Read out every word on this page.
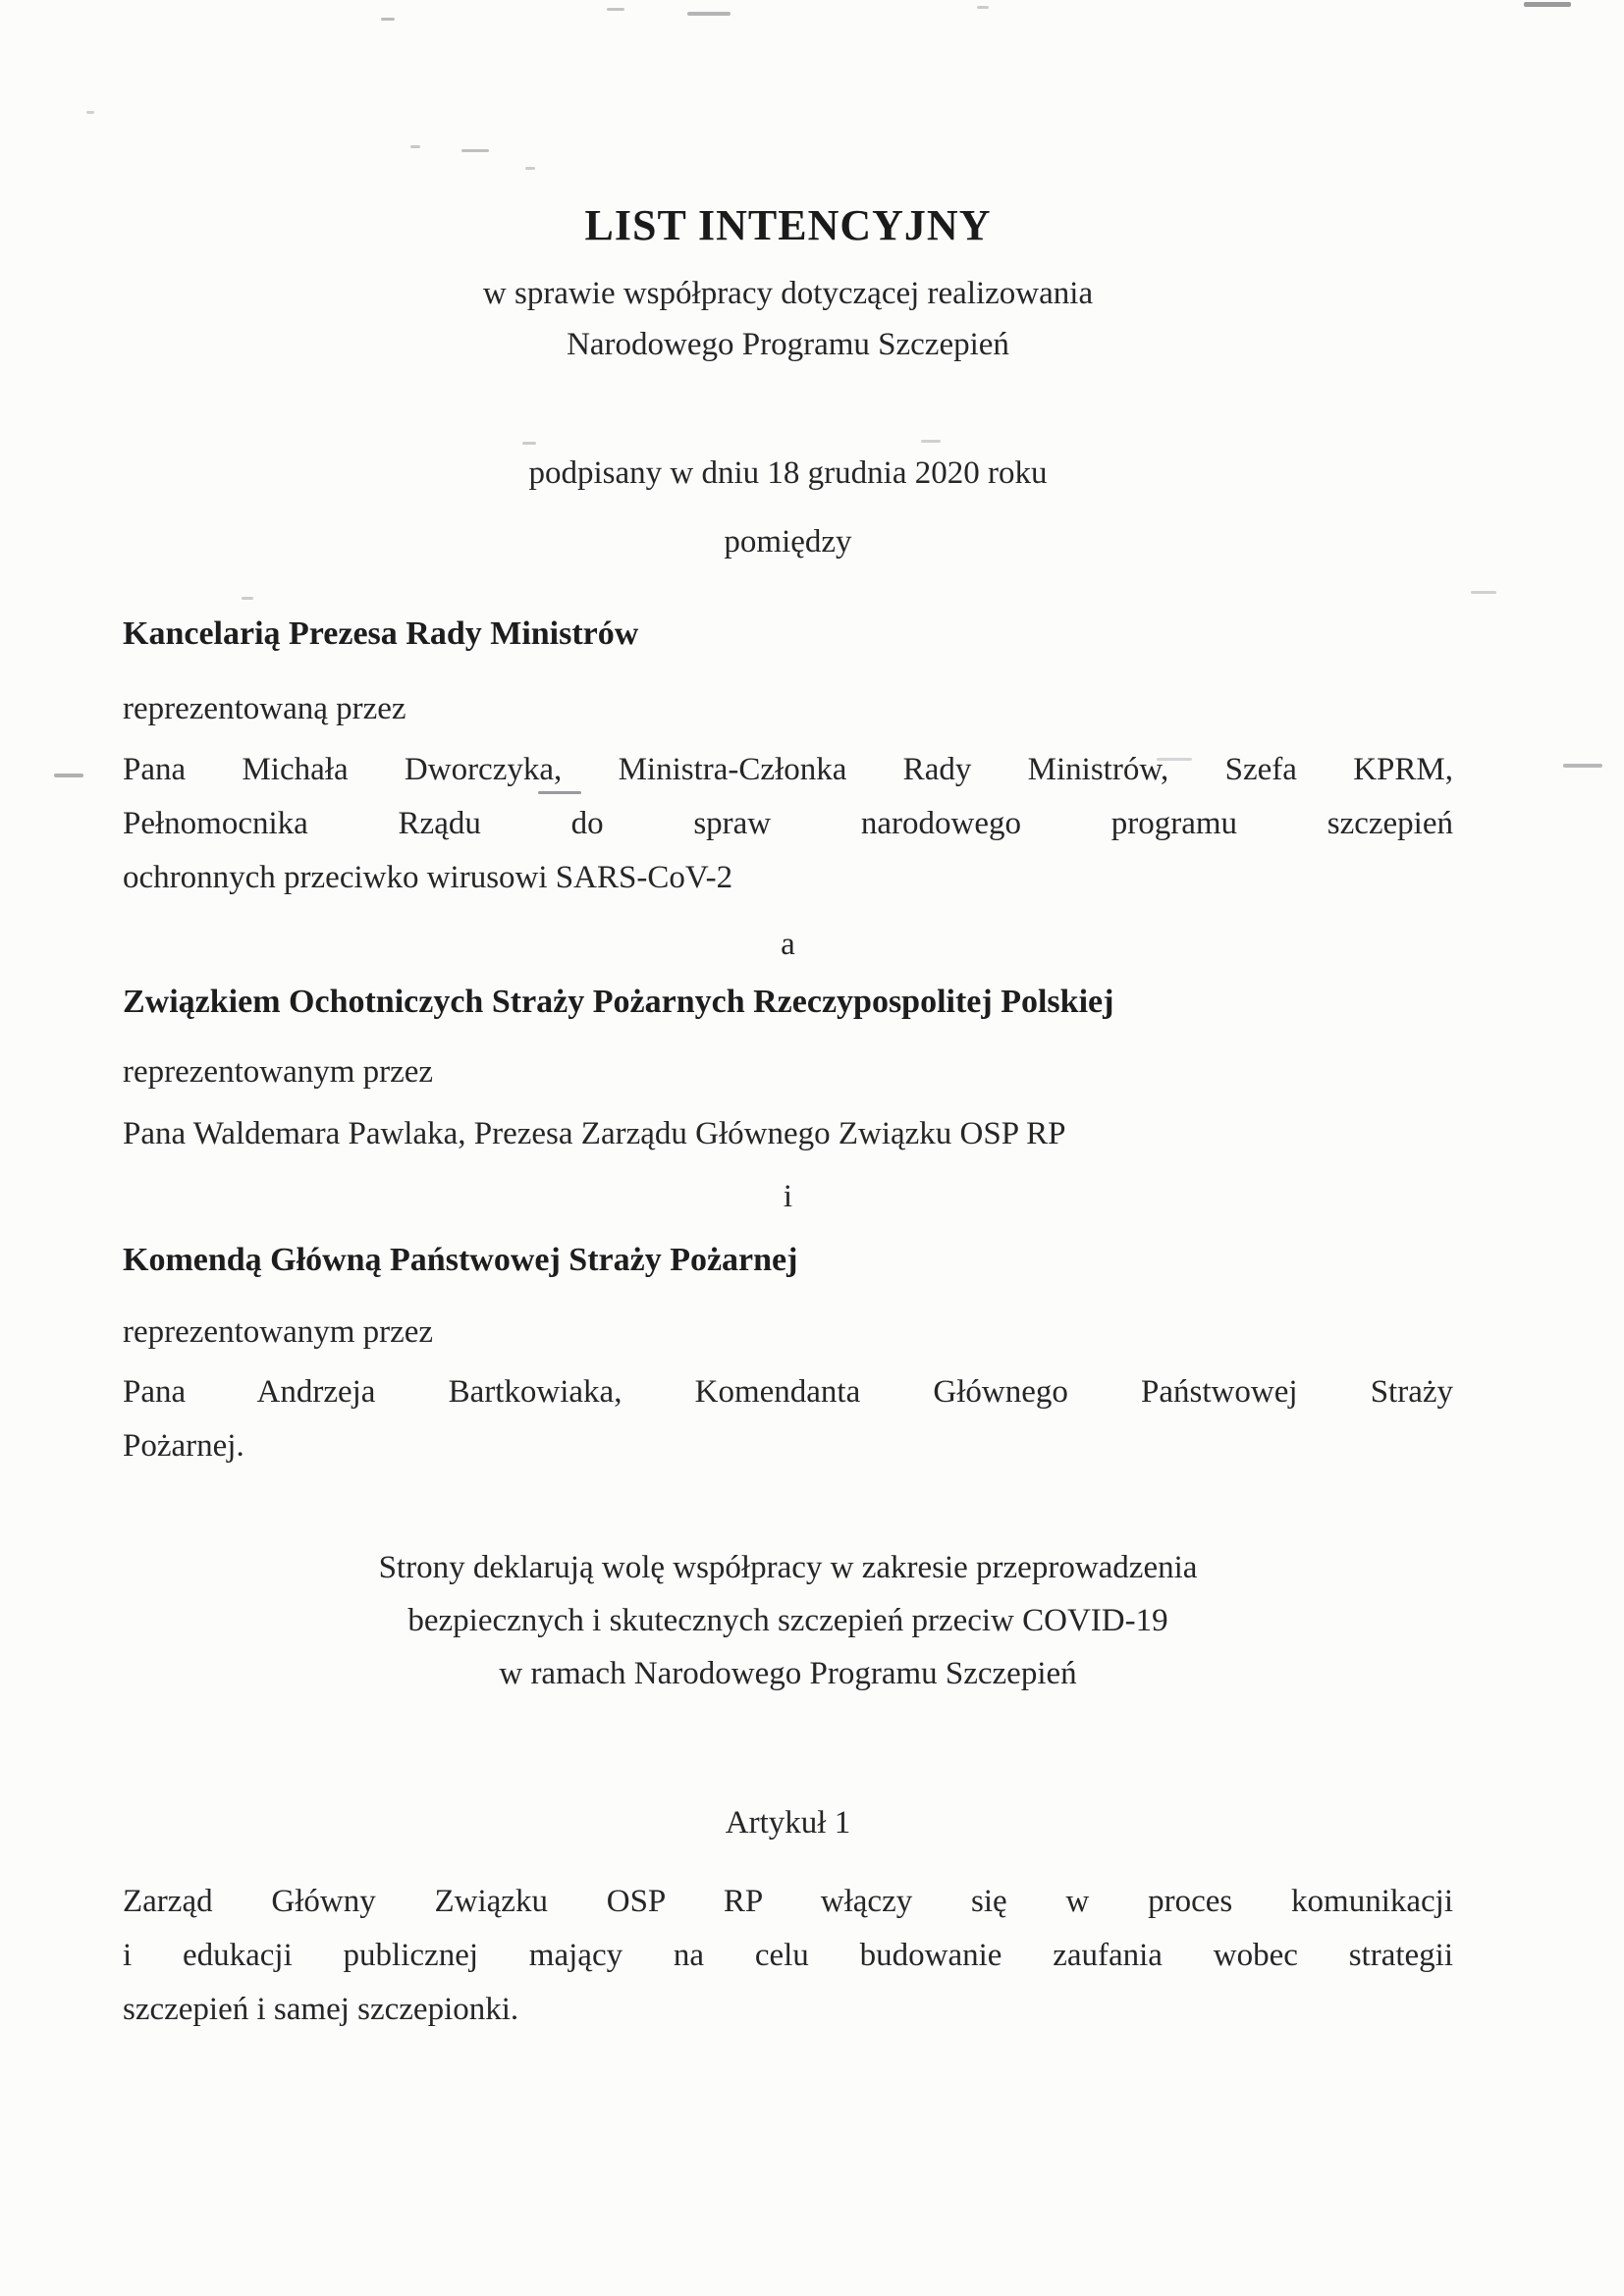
LIST INTENCYJNY
w sprawie współpracy dotyczącej realizowania
Narodowego Programu Szczepień
podpisany w dniu 18 grudnia 2020 roku
pomiędzy
Kancelarią Prezesa Rady Ministrów
reprezentowaną przez
Pana Michała Dworczyka, Ministra-Członka Rady Ministrów, Szefa KPRM,
Pełnomocnika Rządu do spraw narodowego programu szczepień
ochronnych przeciwko wirusowi SARS-CoV-2
a
Związkiem Ochotniczych Straży Pożarnych Rzeczypospolitej Polskiej
reprezentowanym przez
Pana Waldemara Pawlaka, Prezesa Zarządu Głównego Związku OSP RP
i
Komendą Główną Państwowej Straży Pożarnej
reprezentowanym przez
Pana Andrzeja Bartkowiaka, Komendanta Głównego Państwowej Straży
Pożarnej.
Strony deklarują wolę współpracy w zakresie przeprowadzenia
bezpiecznych i skutecznych szczepień przeciw COVID-19
w ramach Narodowego Programu Szczepień
Artykuł 1
Zarząd Główny Związku OSP RP włączy się w proces komunikacji
i edukacji publicznej mający na celu budowanie zaufania wobec strategii
szczepień i samej szczepionki.
